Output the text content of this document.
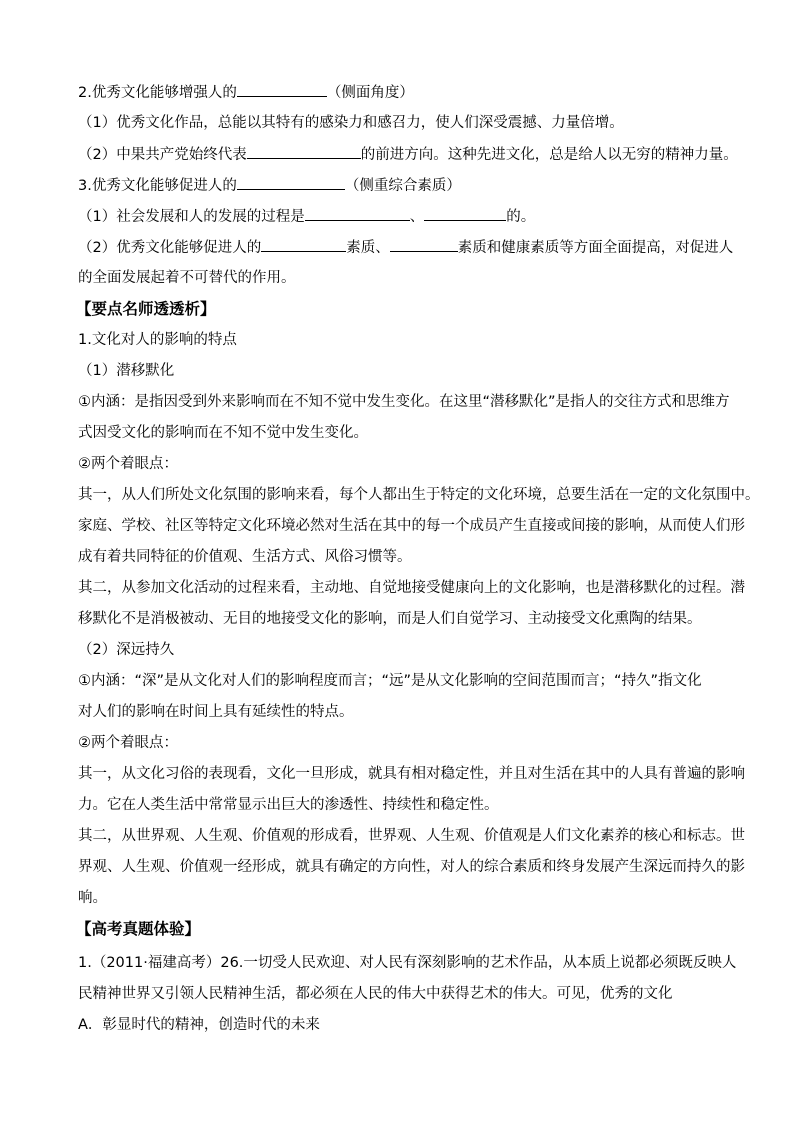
2.优秀文化能够增强人的	（侧面角度）
（1）优秀文化作品，总能以其特有的感染力和感召力，使人们深受震撼、力量倍增。
（2）中果共产党始终代表	的前进方向。这种先进文化，总是给人以无穷的精神力量。
3.优秀文化能够促进人的	（侧重综合素质）
（1）社会发展和人的发展的过程是	、	的。
（2）优秀文化能够促进人的	素质、	素质和健康素质等方面全面提高，对促进人
的全面发展起着不可替代的作用。
【要点名师透透析】
1.文化对人的影响的特点
（1）潜移默化
①内涵：是指因受到外来影响而在不知不觉中发生变化。在这里“潜移默化”是指人的交往方式和思维方
式因受文化的影响而在不知不觉中发生变化。
②两个着眼点：
其一，从人们所处文化氛围的影响来看，每个人都出生于特定的文化环境，总要生活在一定的文化氛围中。
家庭、学校、社区等特定文化环境必然对生活在其中的每一个成员产生直接或间接的影响，从而使人们形
成有着共同特征的价值观、生活方式、风俗习惯等。
其二，从参加文化活动的过程来看，主动地、自觉地接受健康向上的文化影响，也是潜移默化的过程。潜
移默化不是消极被动、无目的地接受文化的影响，而是人们自觉学习、主动接受文化熏陶的结果。
（2）深远持久
①内涵：“深”是从文化对人们的影响程度而言；“远”是从文化影响的空间范围而言；“持久”指文化
对人们的影响在时间上具有延续性的特点。
②两个着眼点：
其一，从文化习俗的表现看，文化一旦形成，就具有相对稳定性，并且对生活在其中的人具有普遍的影响
力。它在人类生活中常常显示出巨大的渗透性、持续性和稳定性。
其二，从世界观、人生观、价值观的形成看，世界观、人生观、价值观是人们文化素养的核心和标志。世
界观、人生观、价值观一经形成，就具有确定的方向性，对人的综合素质和终身发展产生深远而持久的影
响。
【高考真题体验】
1.（2011·福建高考）26.一切受人民欢迎、对人民有深刻影响的艺术作品，从本质上说都必须既反映人
民精神世界又引领人民精神生活，都必须在人民的伟大中获得艺术的伟大。可见，优秀的文化
A．彰显时代的精神，创造时代的未来
